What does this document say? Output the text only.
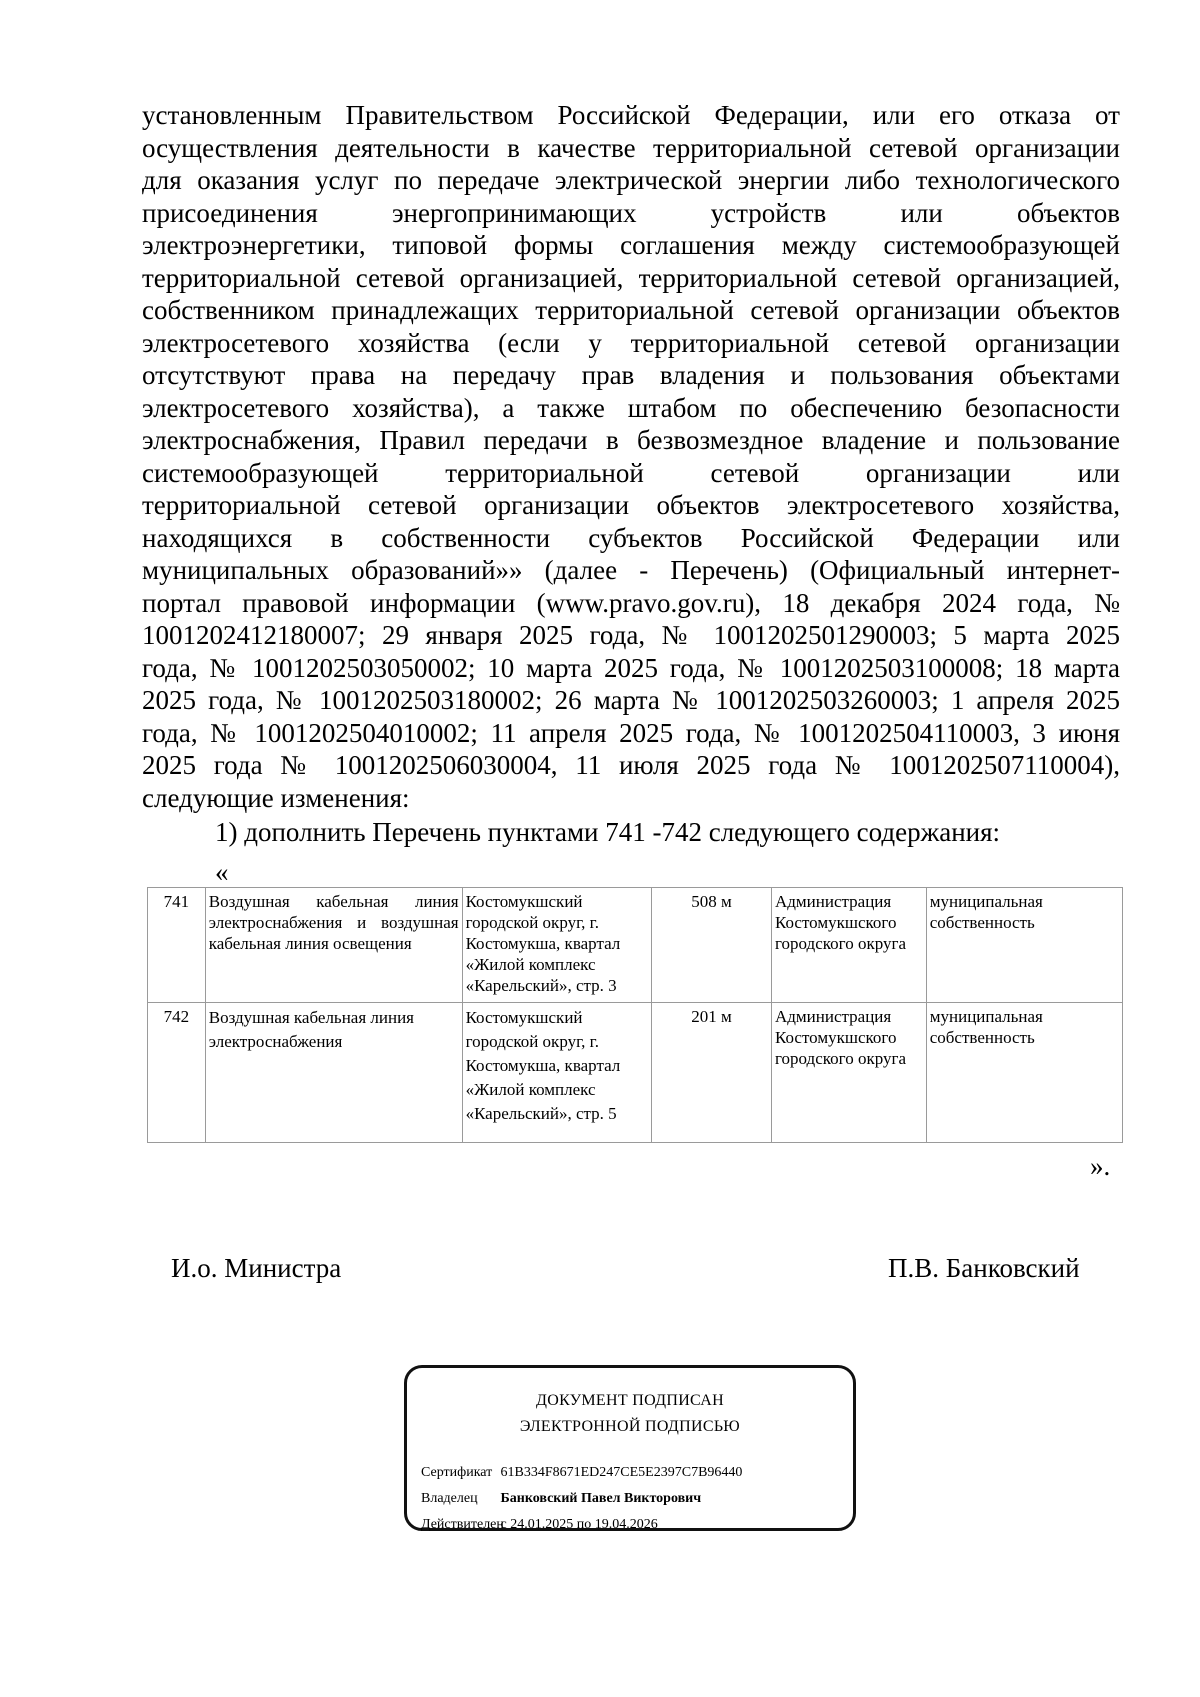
установленным Правительством Российской Федерации, или его отказа от
осуществления деятельности в качестве территориальной сетевой организации
для оказания услуг по передаче электрической энергии либо технологического
присоединения энергопринимающих устройств или объектов
электроэнергетики, типовой формы соглашения между системообразующей
территориальной сетевой организацией, территориальной сетевой организацией,
собственником принадлежащих территориальной сетевой организации объектов
электросетевого хозяйства (если у территориальной сетевой организации
отсутствуют права на передачу прав владения и пользования объектами
электросетевого хозяйства), а также штабом по обеспечению безопасности
электроснабжения, Правил передачи в безвозмездное владение и пользование
системообразующей территориальной сетевой организации или
территориальной сетевой организации объектов электросетевого хозяйства,
находящихся в собственности субъектов Российской Федерации или
муниципальных образований»» (далее - Перечень) (Официальный интернет-
портал правовой информации (www.pravo.gov.ru), 18 декабря 2024 года, №
1001202412180007; 29 января 2025 года, № 1001202501290003; 5 марта 2025
года, № 1001202503050002; 10 марта 2025 года, № 1001202503100008; 18 марта
2025 года, № 1001202503180002; 26 марта № 1001202503260003; 1 апреля 2025
года, № 1001202504010002; 11 апреля 2025 года, № 1001202504110003, 3 июня
2025 года № 1001202506030004, 11 июля 2025 года № 1001202507110004),

следующие изменения:

1) дополнить Перечень пунктами 741 -742 следующего содержания:

«
741	Воздушная кабельная линия электроснабжения и воздушная кабельная линия освещения	Костомукшский городской округ, г. Костомукша, квартал «Жилой комплекс «Карельский», стр. 3	508 м	Администрация Костомукшского городского округа	муниципальная собственность
742	Воздушная кабельная линия электроснабжения	Костомукшский городской округ, г. Костомукша, квартал «Жилой комплекс «Карельский», стр. 5	201 м	Администрация Костомукшского городского округа	муниципальная собственность
».
И.о. Министра	П.В. Банковский
ДОКУМЕНТ ПОДПИСАН
ЭЛЕКТРОННОЙ ПОДПИСЬЮ
Сертификат 61B334F8671ED247CE5E2397C7B96440
Владелец Банковский Павел Викторович
Действителен с 24.01.2025 по 19.04.2026
